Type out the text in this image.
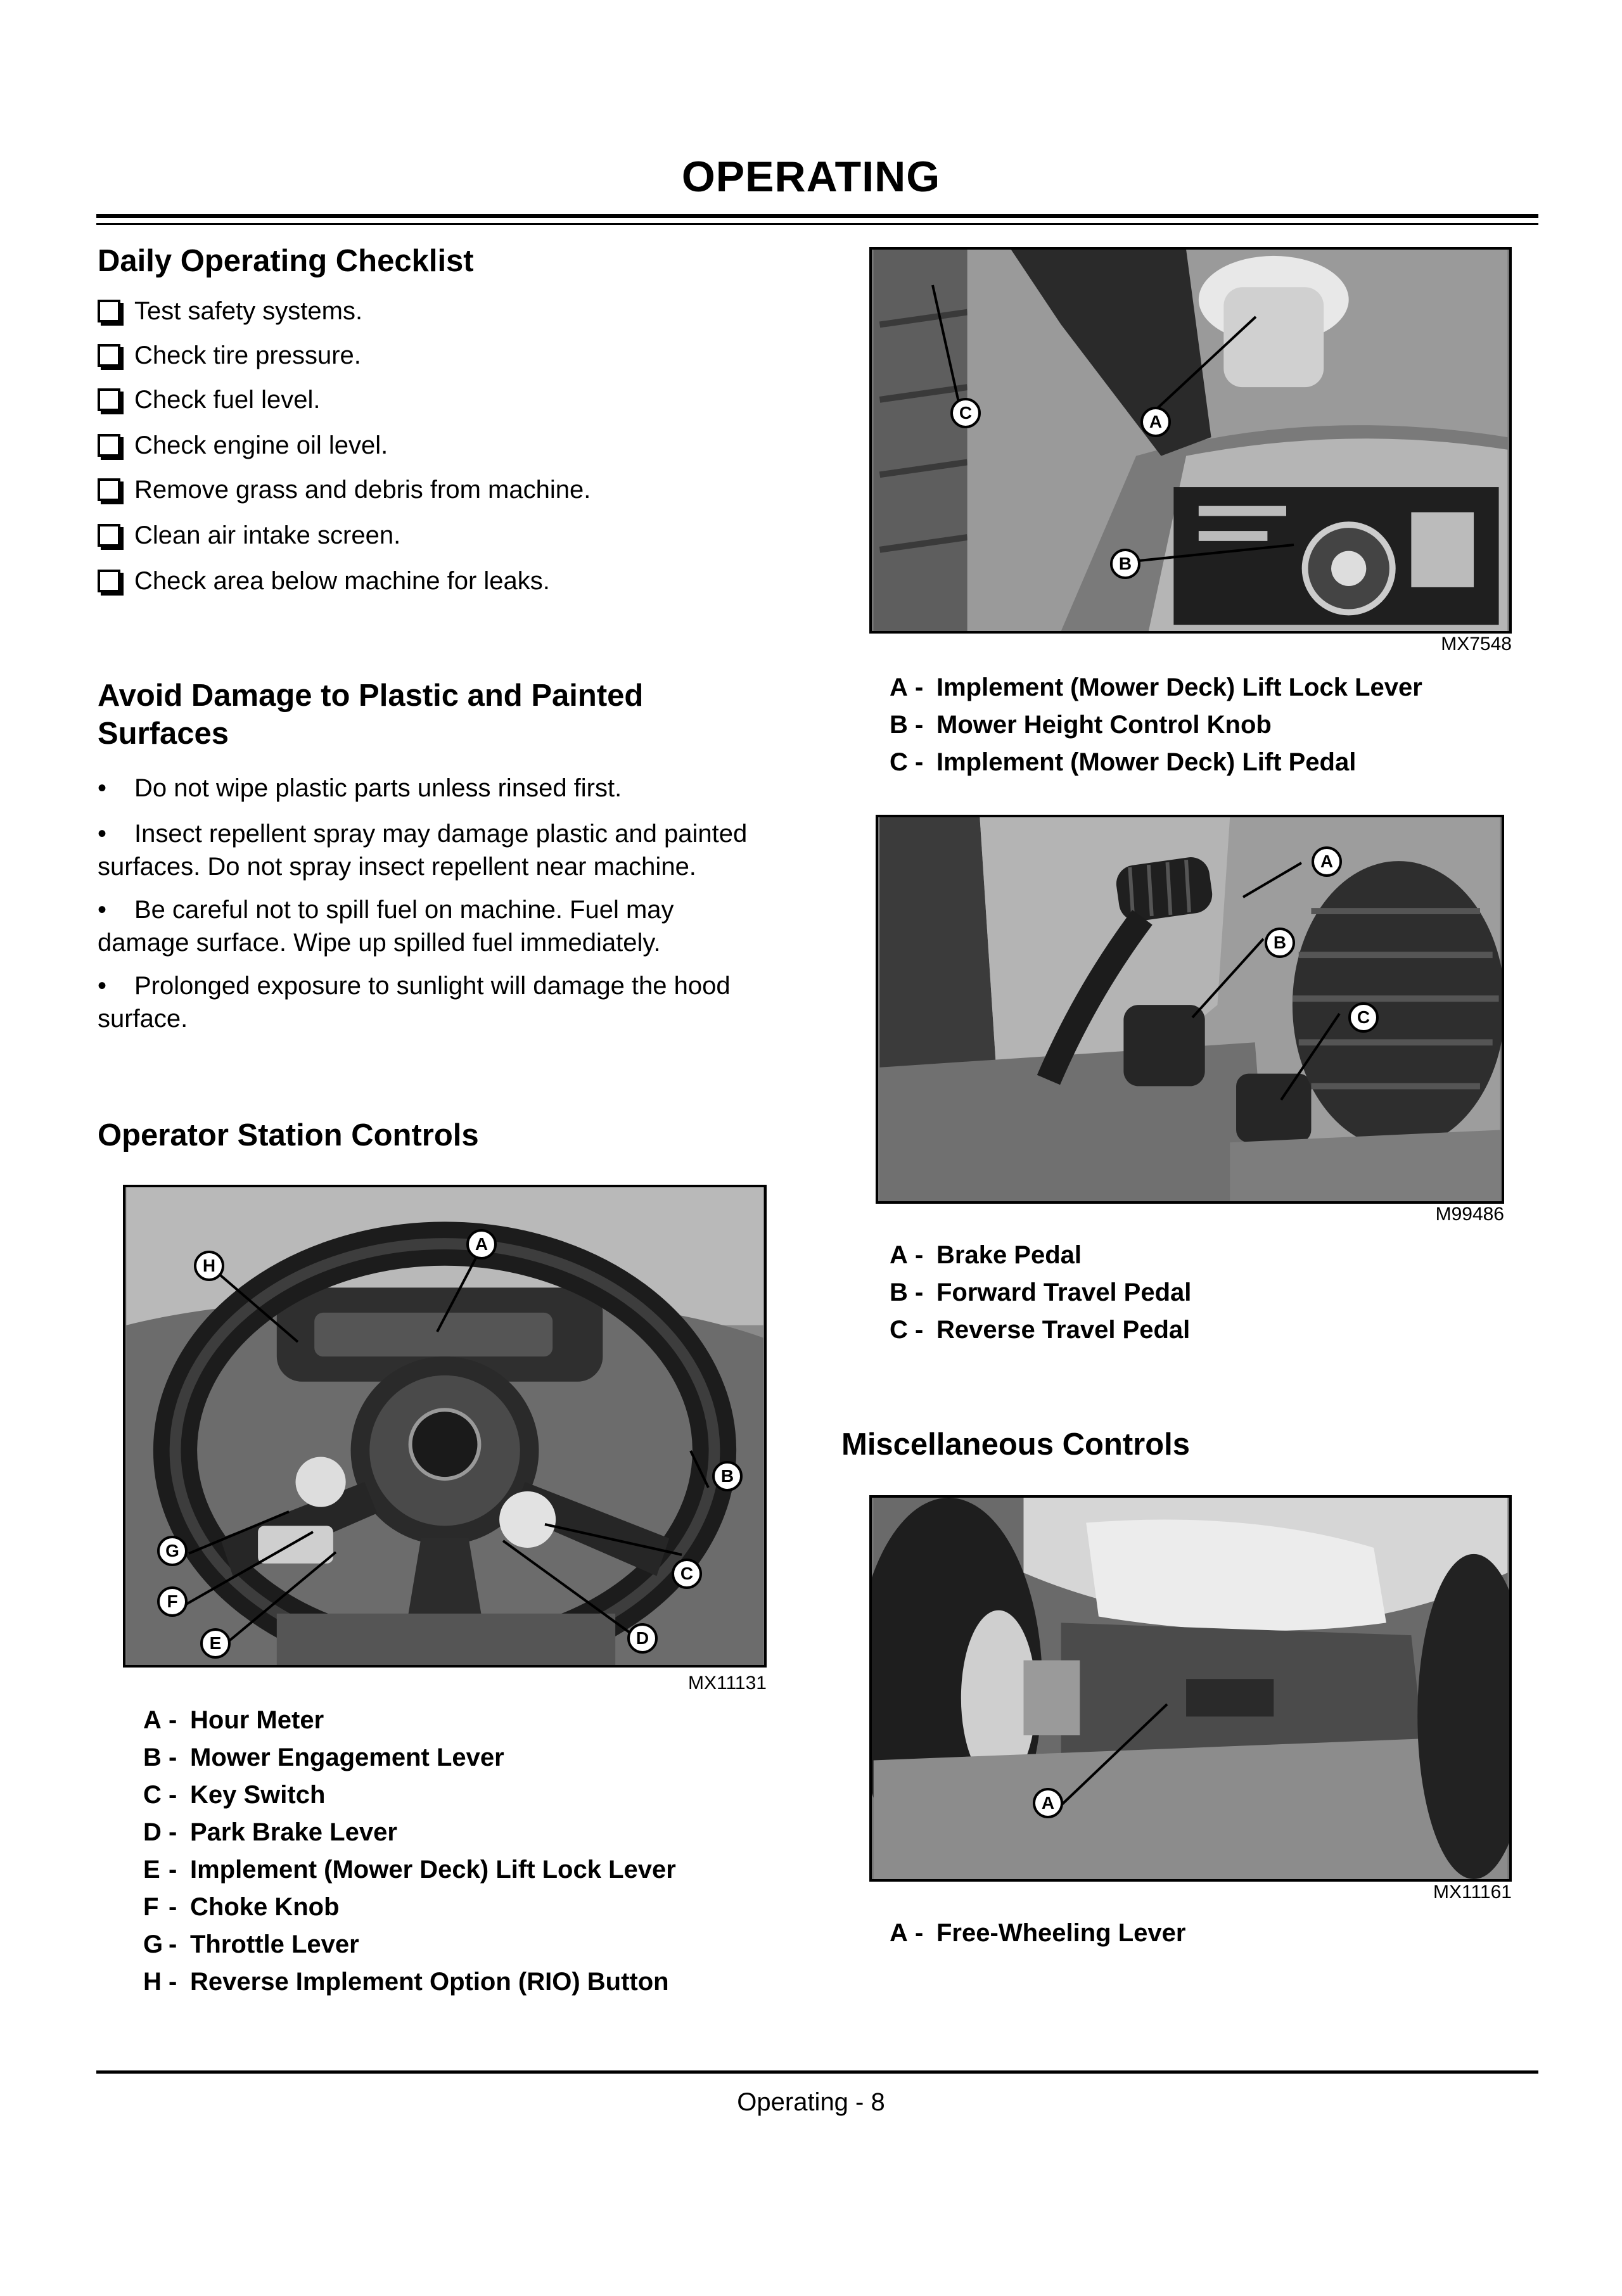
OPERATING
Daily Operating Checklist
Test safety systems.
Check tire pressure.
Check fuel level.
Check engine oil level.
Remove grass and debris from machine.
Clean air intake screen.
Check area below machine for leaks.
Avoid Damage to Plastic and Painted
Surfaces
• Do not wipe plastic parts unless rinsed first.
• Insect repellent spray may damage plastic and painted
surfaces. Do not spray insect repellent near machine.
• Be careful not to spill fuel on machine. Fuel may
damage surface. Wipe up spilled fuel immediately.
• Prolonged exposure to sunlight will damage the hood
surface.
Operator Station Controls
H
A
B
G
C
F
E	D
MX11131
A - Hour Meter
B - Mower Engagement Lever
C - Key Switch
D - Park Brake Lever
E - Implement (Mower Deck) Lift Lock Lever
F - Choke Knob
G - Throttle Lever
H - Reverse Implement Option (RIO) Button
C	A
B
MX7548
A - Implement (Mower Deck) Lift Lock Lever
B - Mower Height Control Knob
C - Implement (Mower Deck) Lift Pedal
A
B
C
M99486
A - Brake Pedal
B - Forward Travel Pedal
C - Reverse Travel Pedal
Miscellaneous Controls
A
MX11161
A - Free-Wheeling Lever
Operating - 8
